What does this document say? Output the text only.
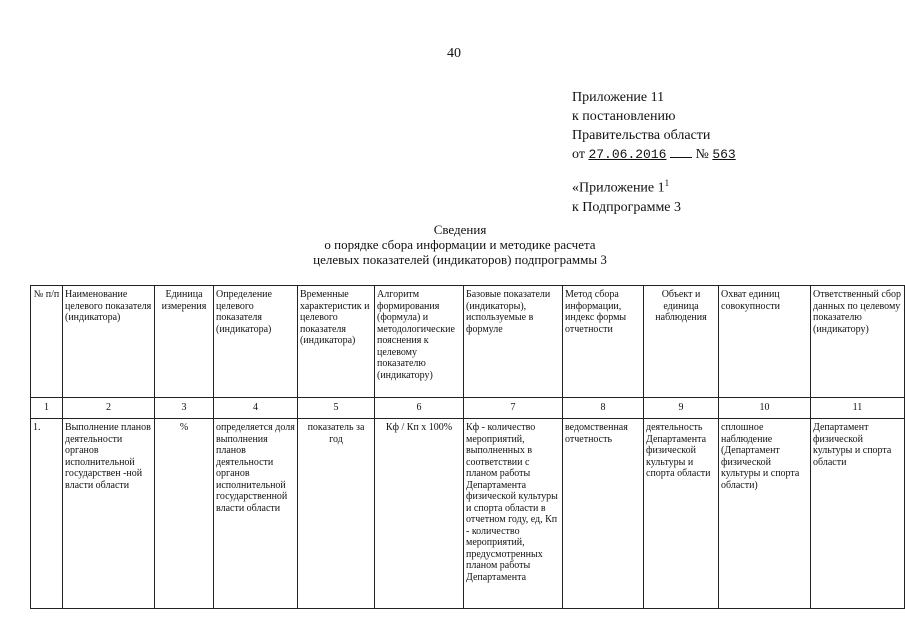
40
Приложение 11
к постановлению
Правительства области
от 27.06.2016 № 563
«Приложение $1^1$
к Подпрограмме 3
Сведения
о порядке сбора информации и методике расчета
целевых показателей (индикаторов) подпрограммы 3
№ п/п	Наименование целевого показателя (индикатора)	Единица измерения	Определение целевого показателя (индикатора)	Временные характеристик и целевого показателя (индикатора)	Алгоритм формирования (формула) и методологические пояснения к целевому показателю (индикатору)	Базовые показатели (индикаторы), используемые в формуле	Метод сбора информации, индекс формы отчетности	Объект и единица наблюдения	Охват единиц совокупности	Ответственный сбор данных по целевому показателю (индикатору)
1	2	3	4	5	6	7	8	9	10	11
1.	Выполнение планов деятельности органов исполнительной государствен -ной власти области	%	определяется доля выполнения планов деятельности органов исполнительной государственной власти области	показатель за год	Кф / Кп x 100%	Кф - количество мероприятий, выполненных в соответствии с планом работы Департамента физической культуры и спорта области в отчетном году, ед, Кп - количество мероприятий, предусмотренных планом работы Департамента	ведомственная отчетность	деятельность Департамента физической культуры и спорта области	сплошное наблюдение (Департамент физической культуры и спорта области)	Департамент физической культуры и спорта области
